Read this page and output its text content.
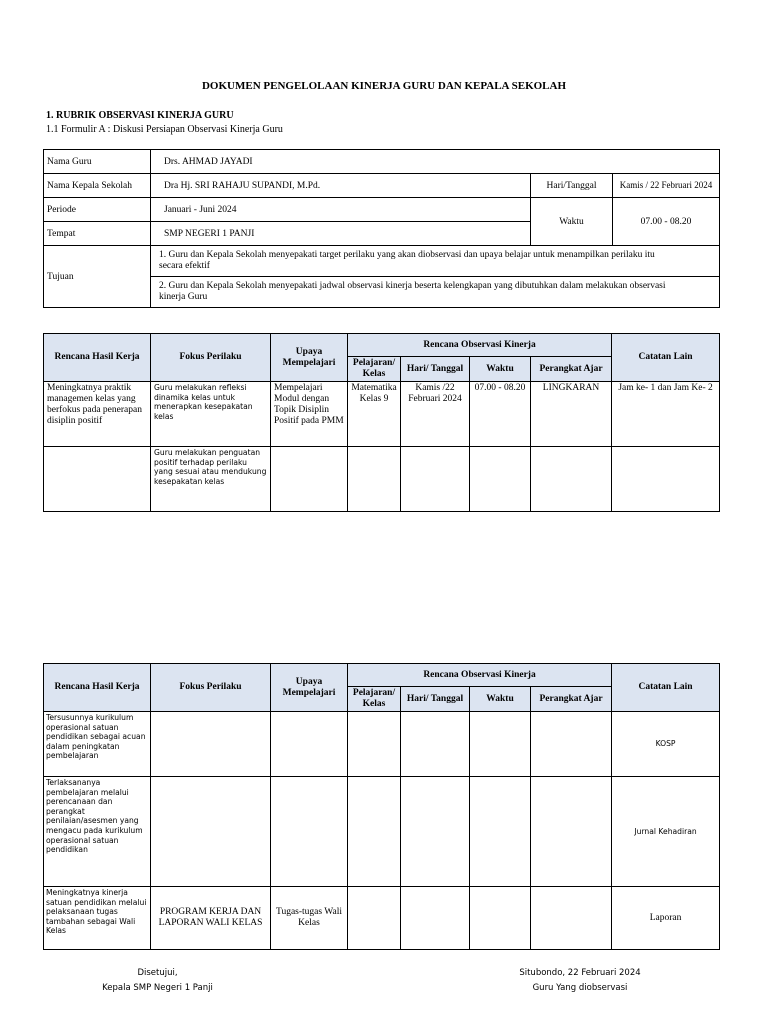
DOKUMEN PENGELOLAAN KINERJA GURU DAN KEPALA SEKOLAH
1. RUBRIK OBSERVASI KINERJA GURU
1.1 Formulir A : Diskusi Persiapan Observasi Kinerja Guru
Nama Guru	Drs. AHMAD JAYADI		
Nama Kepala Sekolah	Dra Hj. SRI RAHAJU SUPANDI, M.Pd.	Hari/Tanggal	Kamis / 22 Februari 2024
Periode	Januari - Juni 2024	Waktu	07.00 - 08.20
Tempat	SMP NEGERI 1 PANJI		
Tujuan	1. Guru dan Kepala Sekolah menyepakati target perilaku yang akan diobservasi dan upaya belajar untuk menampilkan perilaku itu secara efektif		
	2. Guru dan Kepala Sekolah menyepakati jadwal observasi kinerja beserta kelengkapan yang dibutuhkan dalam melakukan observasi kinerja Guru		
Rencana Hasil Kerja	Fokus Perilaku	Upaya Mempelajari	Rencana Observasi Kinerja				Catatan Lain
			Pelajaran/ Kelas	Hari/ Tanggal	Waktu	Perangkat Ajar	
Meningkatnya praktik managemen kelas yang berfokus pada penerapan disiplin positif	Guru melakukan refleksi dinamika kelas untuk menerapkan kesepakatan kelas	Mempelajari Modul dengan Topik Disiplin Positif pada PMM	Matematika Kelas 9	Kamis /22 Februari 2024	07.00 - 08.20	LINGKARAN	Jam ke- 1 dan Jam Ke- 2
	Guru melakukan penguatan positif terhadap perilaku yang sesuai atau mendukung kesepakatan kelas						
Rencana Hasil Kerja	Fokus Perilaku	Upaya Mempelajari	Rencana Observasi Kinerja				Catatan Lain
			Pelajaran/ Kelas	Hari/ Tanggal	Waktu	Perangkat Ajar	
Tersusunnya kurikulum operasional satuan pendidikan sebagai acuan dalam peningkatan pembelajaran							KOSP
Terlaksananya pembelajaran melalui perencanaan dan perangkat penilaian/asesmen yang mengacu pada kurikulum operasional satuan pendidikan							Jurnal Kehadiran
Meningkatnya kinerja satuan pendidikan melalui pelaksanaan tugas tambahan sebagai Wali Kelas	PROGRAM KERJA DAN LAPORAN WALI KELAS	Tugas-tugas Wali Kelas					Laporan
Disetujui,
Kepala SMP Negeri 1 Panji
Situbondo, 22 Februari 2024
Guru Yang diobservasi
